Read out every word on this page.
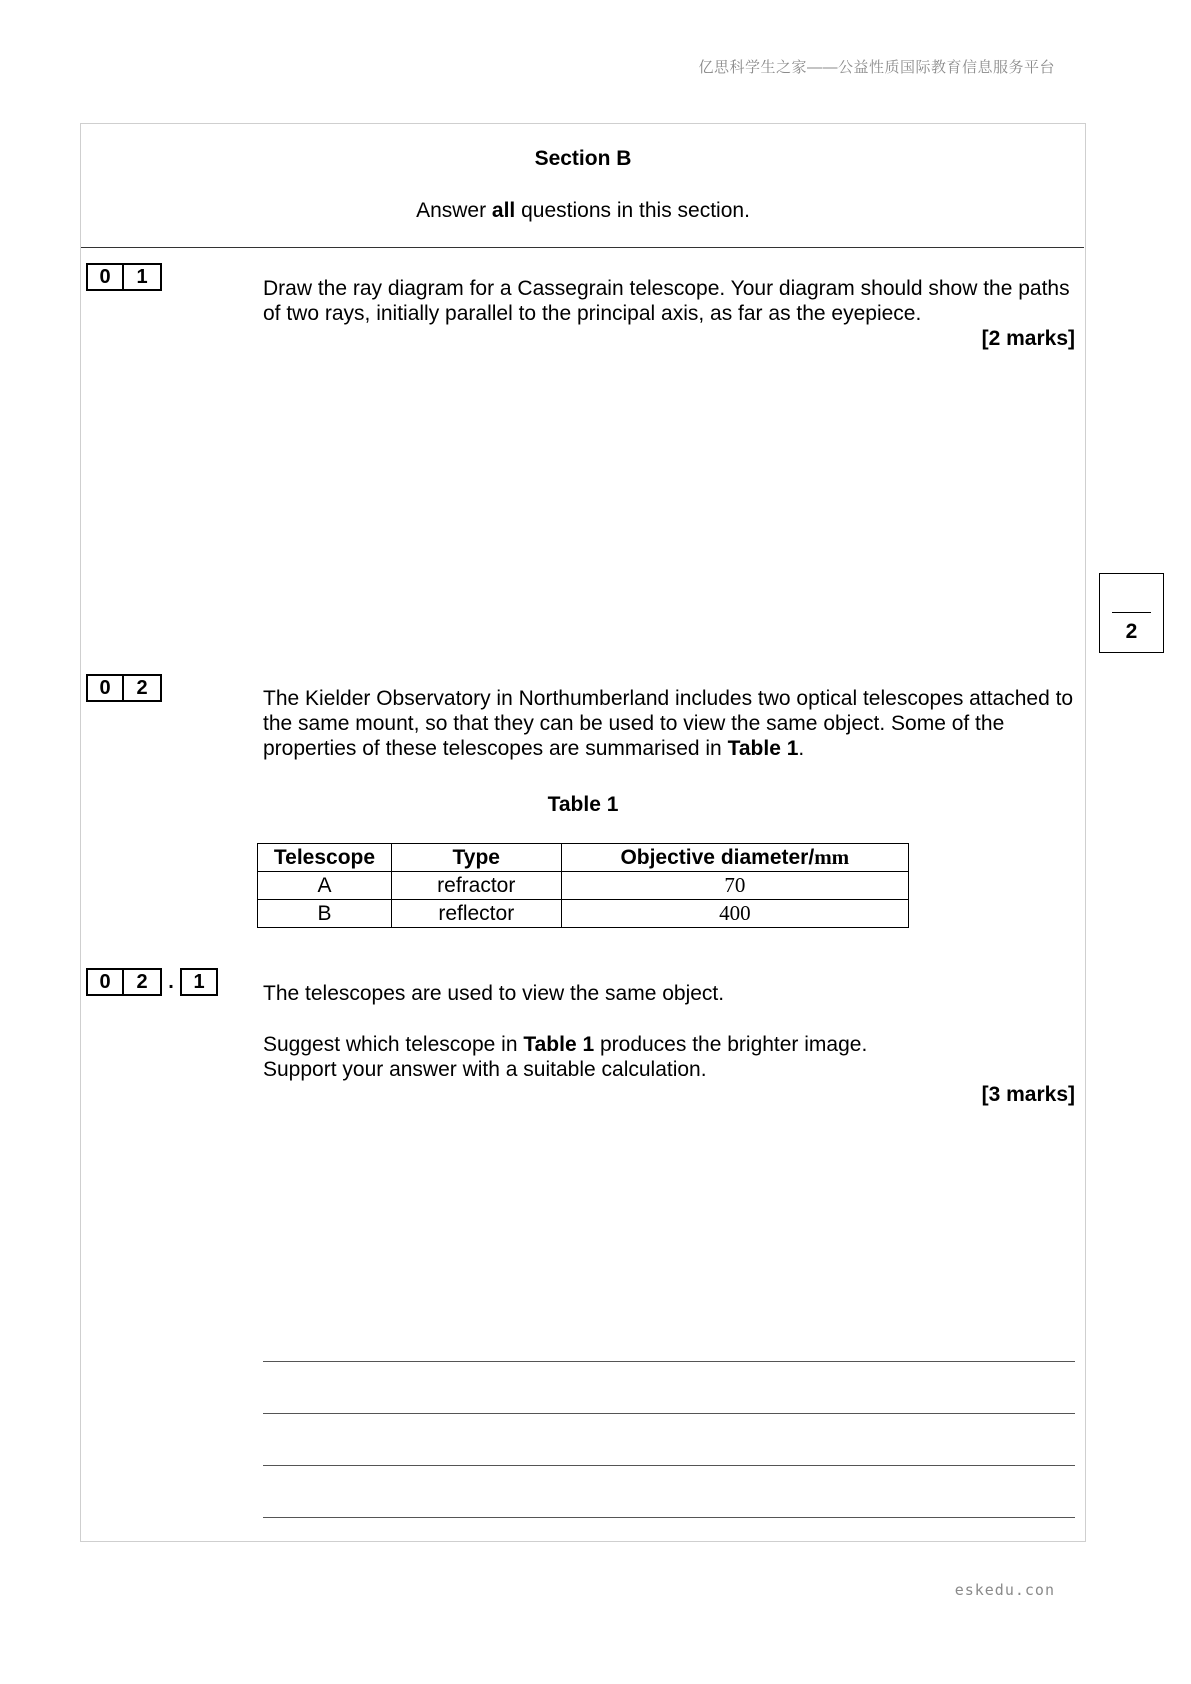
亿思科学生之家——公益性质国际教育信息服务平台
Section B
Answer all questions in this section.
0	1
Draw the ray diagram for a Cassegrain telescope. Your diagram should show the paths of two rays, initially parallel to the principal axis, as far as the eyepiece.
[2 marks]
2
0	2	The Kielder Observatory in Northumberland includes two optical telescopes attached to the same mount, so that they can be used to view the same object. Some of the properties of these telescopes are summarised in Table 1.
Table 1
Telescope	Type	Objective diameter/mm
A	refractor	70
B	reflector	400
0	2	. 1
The telescopes are used to view the same object.
Suggest which telescope in Table 1 produces the brighter image.
Support your answer with a suitable calculation.
[3 marks]
eskedu.con
